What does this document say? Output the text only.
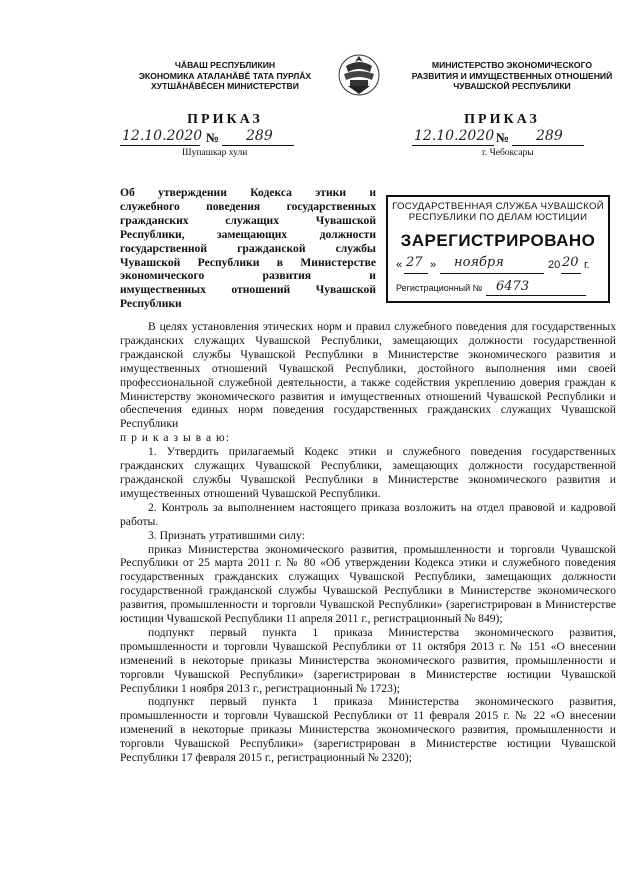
ЧĂВАШ РЕСПУБЛИКИН
ЭКОНОМИКА АТАЛАНĂВĔ ТАТА ПУРЛĂХ
ХУТШĂНĂВĔСЕН МИНИСТЕРСТВИ
МИНИСТЕРСТВО ЭКОНОМИЧЕСКОГО
РАЗВИТИЯ И ИМУЩЕСТВЕННЫХ ОТНОШЕНИЙ
ЧУВАШСКОЙ РЕСПУБЛИКИ
ПРИКАЗ	ПРИКАЗ
12.10.2020 № 289
Шупашкар хули
12.10.2020 № 289
г. Чебоксары
Об утверждении Кодекса этики и
служебного поведения государственных
гражданских служащих Чувашской
Республики, замещающих должности
государственной гражданской службы
Чувашской Республики в Министерстве
экономического развития и
имущественных отношений Чувашской
Республики
ГОСУДАРСТВЕННАЯ СЛУЖБА ЧУВАШСКОЙ
РЕСПУБЛИКИ ПО ДЕЛАМ ЮСТИЦИИ
ЗАРЕГИСТРИРОВАНО
« 27 » ноября	20 20 г.
Регистрационный № 6473

В целях установления этических норм и правил служебного поведения для государственных гражданских служащих Чувашской Республики, замещающих должности государственной гражданской службы Чувашской Республики в Министерстве экономического развития и имущественных отношений Чувашской Республики, достойного выполнения ими своей профессиональной служебной деятельности, а также содействия укреплению доверия граждан к Министерству экономического развития и имущественных отношений Чувашской Республики и обеспечения единых норм поведения государственных гражданских служащих Чувашской Республики

п р и к а з ы в а ю:

1. Утвердить прилагаемый Кодекс этики и служебного поведения государственных гражданских служащих Чувашской Республики, замещающих должности государственной гражданской службы Чувашской Республики в Министерстве экономического развития и имущественных отношений Чувашской Республики.

2. Контроль за выполнением настоящего приказа возложить на отдел правовой и кадровой работы.

3. Признать утратившими силу:

приказ Министерства экономического развития, промышленности и торговли Чувашской Республики от 25 марта 2011 г. № 80 «Об утверждении Кодекса этики и служебного поведения государственных гражданских служащих Чувашской Республики, замещающих должности государственной гражданской службы Чувашской Республики в Министерстве экономического развития, промышленности и торговли Чувашской Республики» (зарегистрирован в Министерстве юстиции Чувашской Республики 11 апреля 2011 г., регистрационный № 849);

подпункт первый пункта 1 приказа Министерства экономического развития, промышленности и торговли Чувашской Республики от 11 октября 2013 г. № 151 «О внесении изменений в некоторые приказы Министерства экономического развития, промышленности и торговли Чувашской Республики» (зарегистрирован в Министерстве юстиции Чувашской Республики 1 ноября 2013 г., регистрационный № 1723);

подпункт первый пункта 1 приказа Министерства экономического развития, промышленности и торговли Чувашской Республики от 11 февраля 2015 г. № 22 «О внесении изменений в некоторые приказы Министерства экономического развития, промышленности и торговли Чувашской Республики» (зарегистрирован в Министерстве юстиции Чувашской Республики 17 февраля 2015 г., регистрационный № 2320);
